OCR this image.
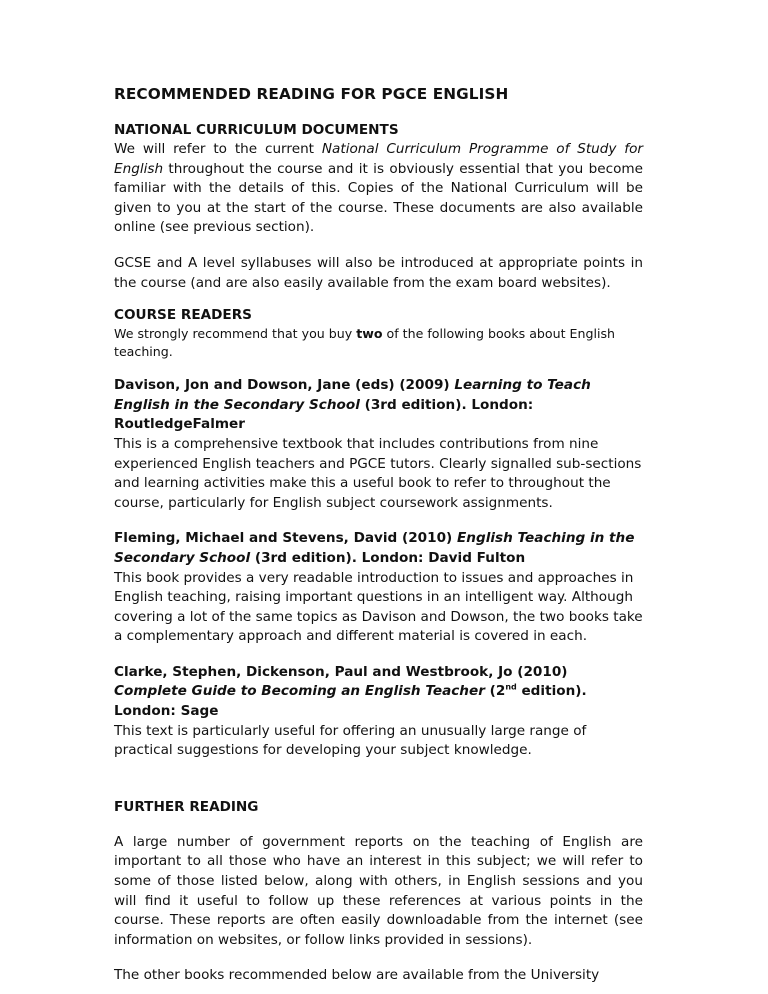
RECOMMENDED READING FOR PGCE ENGLISH
NATIONAL CURRICULUM DOCUMENTS

We will refer to the current National Curriculum Programme of Study for English throughout the course and it is obviously essential that you become familiar with the details of this. Copies of the National Curriculum will be given to you at the start of the course. These documents are also available online (see previous section).

GCSE and A level syllabuses will also be introduced at appropriate points in the course (and are also easily available from the exam board websites).

COURSE READERS

We strongly recommend that you buy two of the following books about English teaching.

Davison, Jon and Dowson, Jane (eds) (2009) Learning to Teach English in the Secondary School (3rd edition). London: RoutledgeFalmer

This is a comprehensive textbook that includes contributions from nine experienced English teachers and PGCE tutors. Clearly signalled sub-sections and learning activities make this a useful book to refer to throughout the course, particularly for English subject coursework assignments.

Fleming, Michael and Stevens, David (2010) English Teaching in the Secondary School (3rd edition). London: David Fulton

This book provides a very readable introduction to issues and approaches in English teaching, raising important questions in an intelligent way. Although covering a lot of the same topics as Davison and Dowson, the two books take a complementary approach and different material is covered in each.

Clarke, Stephen, Dickenson, Paul and Westbrook, Jo (2010) Complete Guide to Becoming an English Teacher (2nd edition). London: Sage

This text is particularly useful for offering an unusually large range of practical suggestions for developing your subject knowledge.

FURTHER READING

A large number of government reports on the teaching of English are important to all those who have an interest in this subject; we will refer to some of those listed below, along with others, in English sessions and you will find it useful to follow up these references at various points in the course. These reports are often easily downloadable from the internet (see information on websites, or follow links provided in sessions).

The other books recommended below are available from the University
